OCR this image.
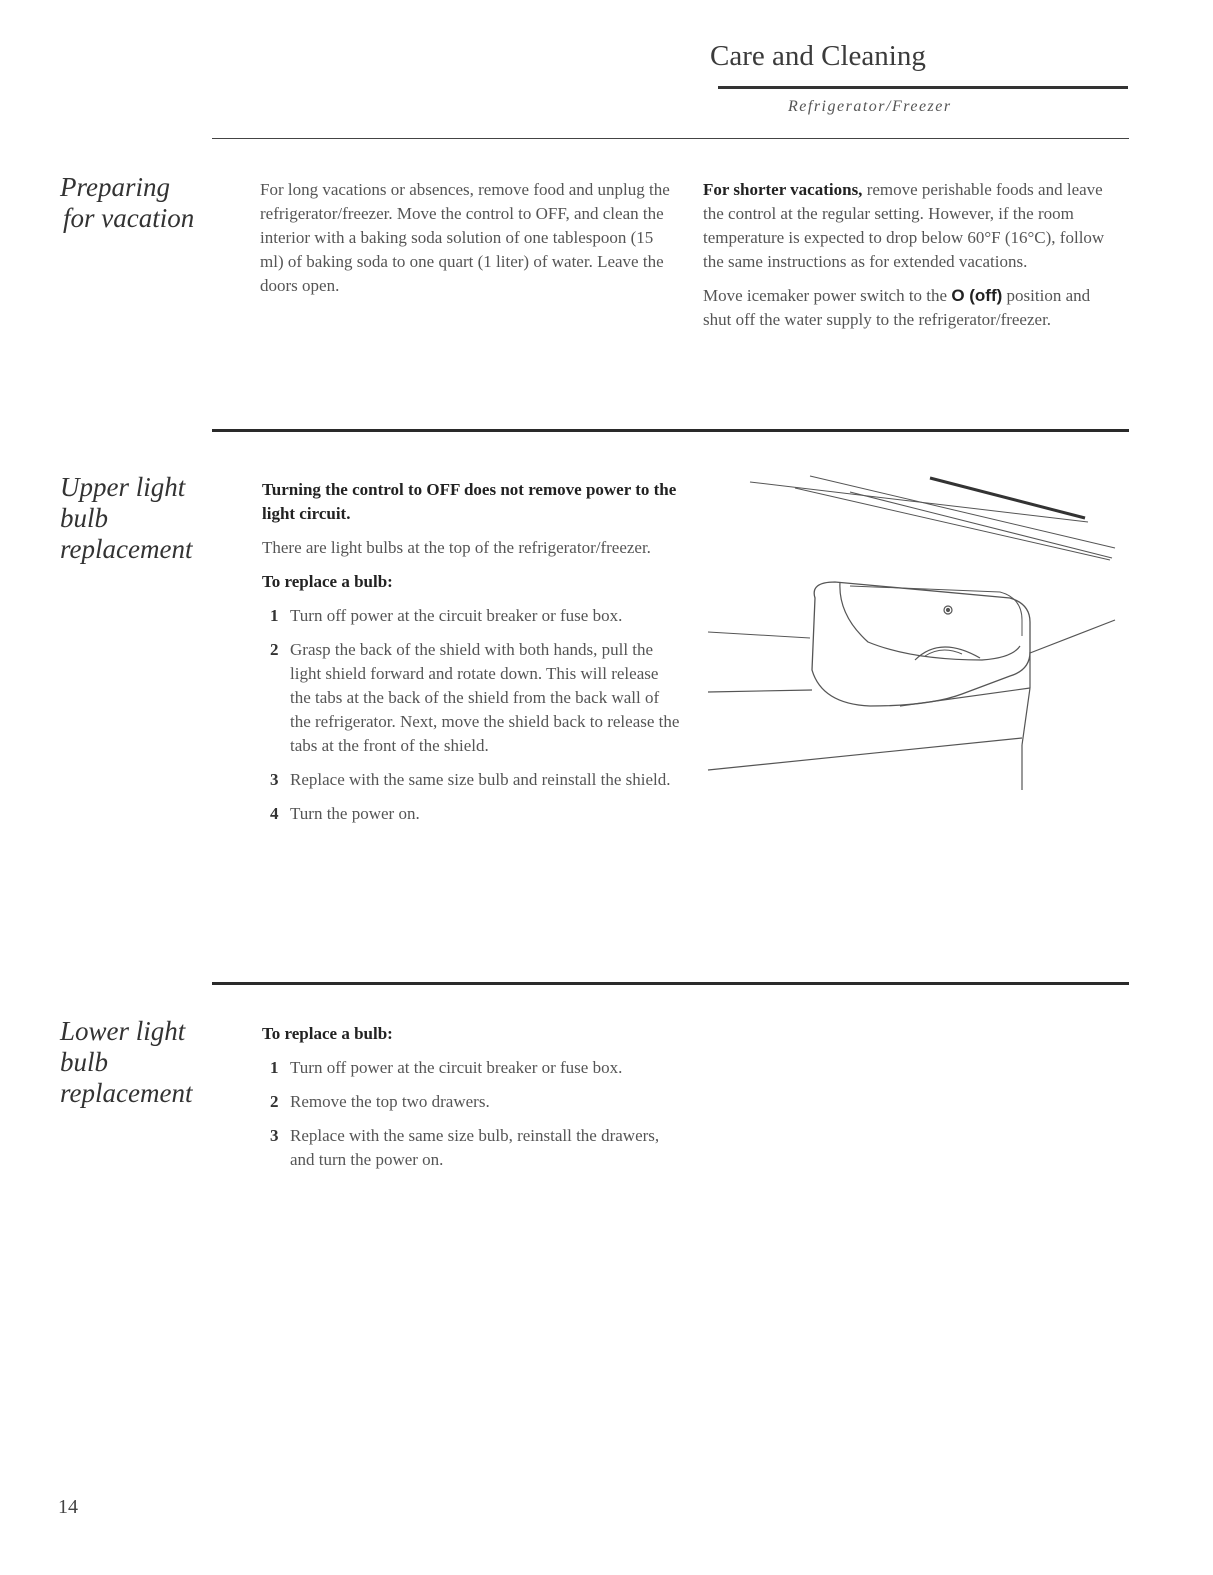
Care and Cleaning
Refrigerator/Freezer
Preparing
for vacation

For long vacations or absences, remove food and unplug the refrigerator/freezer. Move the control to OFF, and clean the interior with a baking soda solution of one tablespoon (15 ml) of baking soda to one quart (1 liter) of water. Leave the doors open.

For shorter vacations, remove perishable foods and leave the control at the regular setting. However, if the room temperature is expected to drop below 60°F (16°C), follow the same instructions as for extended vacations.

Move icemaker power switch to the O (off) position and shut off the water supply to the refrigerator/freezer.

Upper light
bulb
replacement

Turning the control to OFF does not remove power to the light circuit.

There are light bulbs at the top of the refrigerator/freezer.

To replace a bulb:

1 Turn off power at the circuit breaker or fuse box.
2 Grasp the back of the shield with both hands, pull the light shield forward and rotate down. This will release the tabs at the back of the shield from the back wall of the refrigerator. Next, move the shield back to release the tabs at the front of the shield.
3 Replace with the same size bulb and reinstall the shield.
4 Turn the power on.
Lower light
bulb
replacement

To replace a bulb:

1 Turn off power at the circuit breaker or fuse box.
2 Remove the top two drawers.
3 Replace with the same size bulb, reinstall the drawers, and turn the power on.
14
